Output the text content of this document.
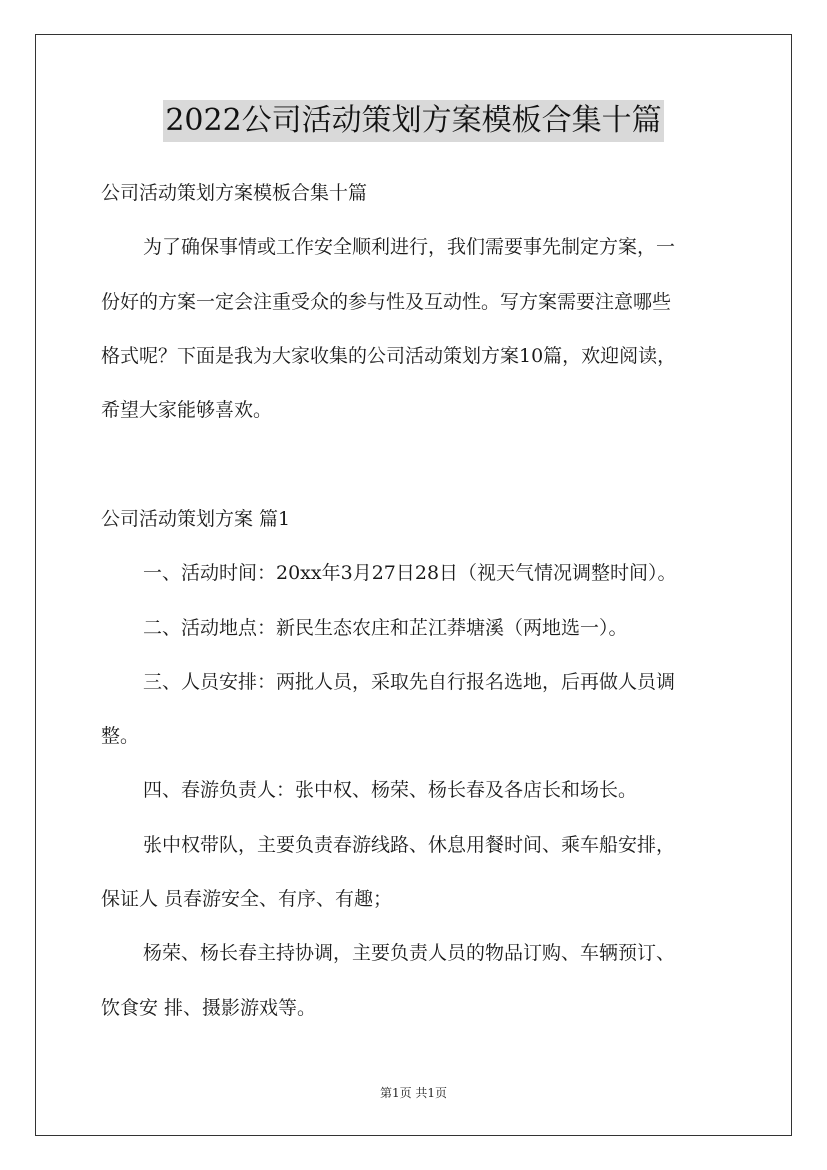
2022公司活动策划方案模板合集十篇
公司活动策划方案模板合集十篇
为了确保事情或工作安全顺利进行，我们需要事先制定方案，一
份好的方案一定会注重受众的参与性及互动性。写方案需要注意哪些
格式呢？下面是我为大家收集的公司活动策划方案10篇，欢迎阅读，
希望大家能够喜欢。
公司活动策划方案 篇1
一、活动时间：20xx年3月27日28日（视天气情况调整时间）。
二、活动地点：新民生态农庄和芷江莽塘溪（两地选一）。
三、人员安排：两批人员，采取先自行报名选地，后再做人员调
整。
四、春游负责人：张中权、杨荣、杨长春及各店长和场长。
张中权带队，主要负责春游线路、休息用餐时间、乘车船安排，
保证人 员春游安全、有序、有趣；
杨荣、杨长春主持协调，主要负责人员的物品订购、车辆预订、
饮食安 排、摄影游戏等。
第1页 共1页
